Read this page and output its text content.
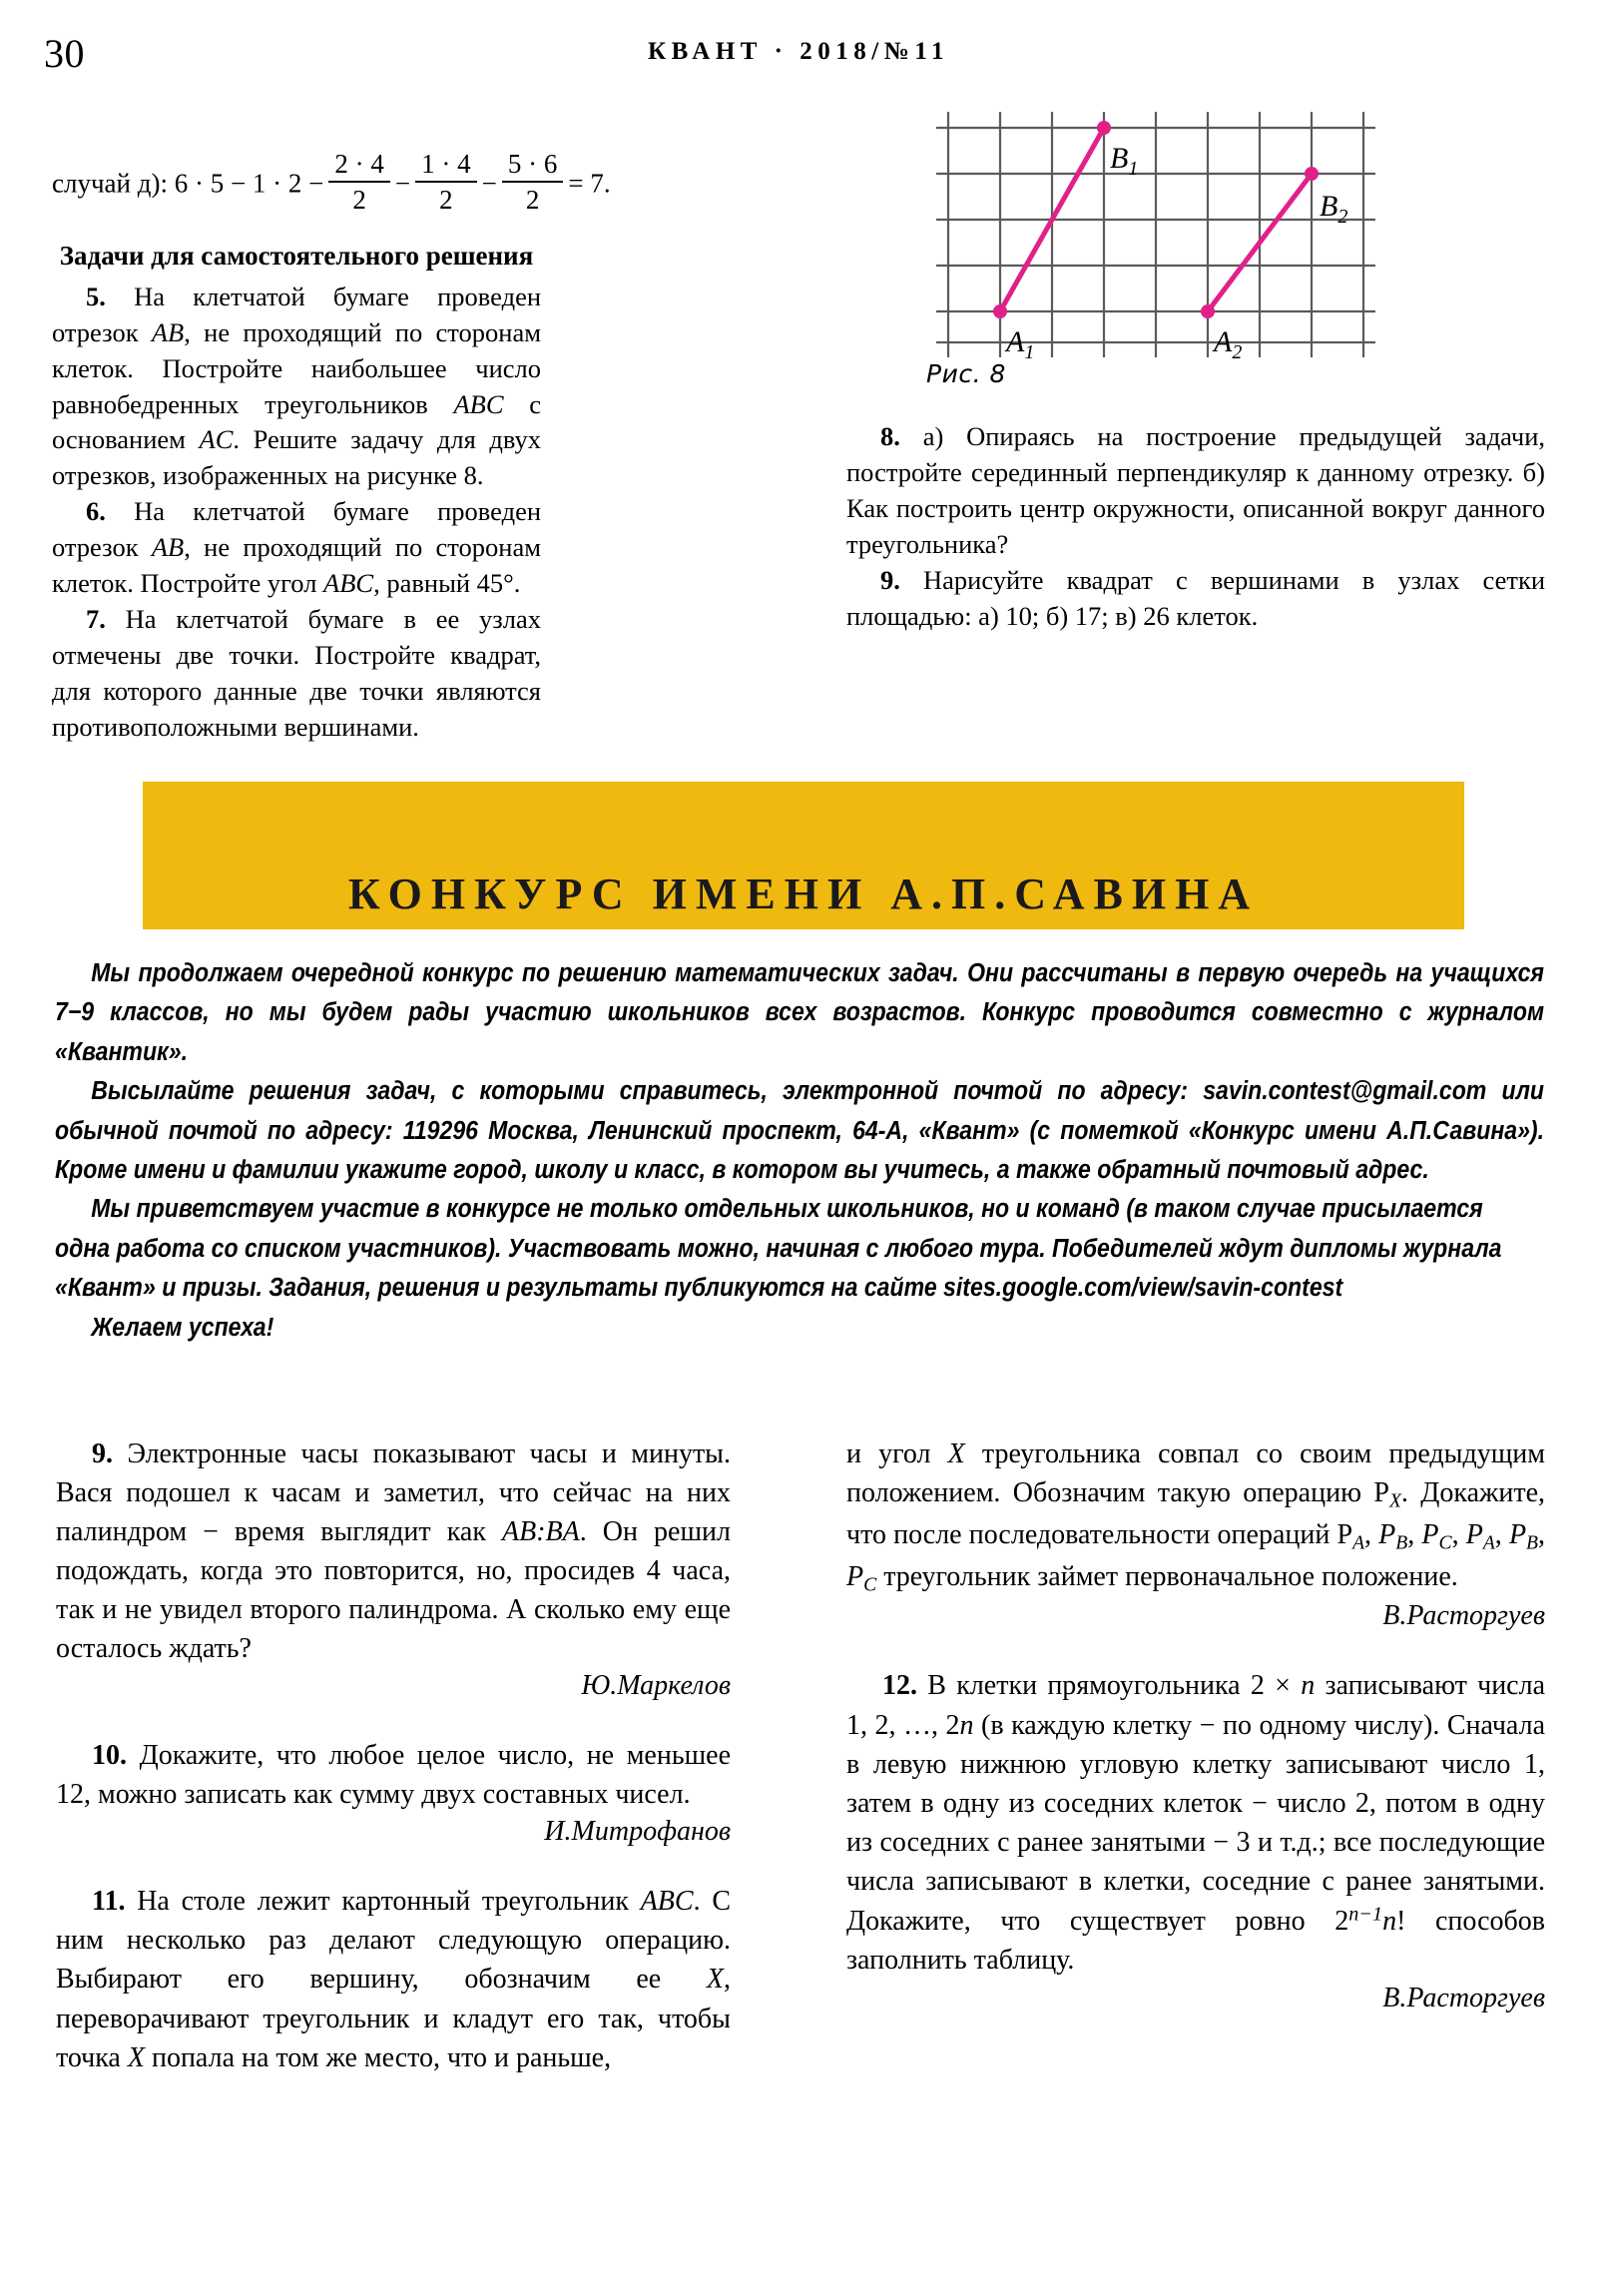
30	КВАНТ · 2018/№11
случай д): $6 \cdot 5 - 1 \cdot 2 - \frac{2 \cdot 4}{2} - \frac{1 \cdot 4}{2} - \frac{5 \cdot 6}{2} = 7$.
Задачи для самостоятельного решения

5. На клетчатой бумаге проведен отрезок AB, не проходящий по сторонам клеток. Постройте наибольшее число равнобедренных треугольников ABC с основанием AC. Решите задачу для двух отрезков, изображенных на рисунке 8.

6. На клетчатой бумаге проведен отрезок AB, не проходящий по сторонам клеток. Постройте угол ABC, равный 45°.

7. На клетчатой бумаге в ее узлах отмечены две точки. Постройте квадрат, для которого данные две точки являются противоположными вершинами.

$A_1$
$B_1$
$A_2$
$B_2$
Рис. 8

8. а) Опираясь на построение предыдущей задачи, постройте серединный перпендикуляр к данному отрезку. б) Как построить центр окружности, описанной вокруг данного треугольника?

9. Нарисуйте квадрат с вершинами в узлах сетки площадью: а) 10; б) 17; в) 26 клеток.

КОНКУРС ИМЕНИ А.П.САВИНА

Мы продолжаем очередной конкурс по решению математических задач. Они рассчитаны в первую очередь на учащихся 7−9 классов, но мы будем рады участию школьников всех возрастов. Конкурс проводится совместно с журналом «Квантик».

Высылайте решения задач, с которыми справитесь, электронной почтой по адресу: savin.contest@gmail.com или обычной почтой по адресу: 119296 Москва, Ленинский проспект, 64-А, «Квант» (с пометкой «Конкурс имени А.П.Савина»). Кроме имени и фамилии укажите город, школу и класс, в котором вы учитесь, а также обратный почтовый адрес.

Мы приветствуем участие в конкурсе не только отдельных школьников, но и команд (в таком случае присылается одна работа со списком участников). Участвовать можно, начиная с любого тура. Победителей ждут дипломы журнала «Квант» и призы. Задания, решения и результаты публикуются на сайте sites.google.com/view/savin-contest

Желаем успеха!

9. Электронные часы показывают часы и минуты. Вася подошел к часам и заметил, что сейчас на них палиндром − время выглядит как AB:BA. Он решил подождать, когда это повторится, но, просидев 4 часа, так и не увидел второго палиндрома. А сколько ему еще осталось ждать?

Ю.Маркелов

10. Докажите, что любое целое число, не меньшее 12, можно записать как сумму двух составных чисел.

И.Митрофанов

11. На столе лежит картонный треугольник ABC. С ним несколько раз делают следующую операцию. Выбирают его вершину, обозначим ее X, переворачивают треугольник и кладут его так, чтобы точка X попала на том же место, что и раньше,

и угол X треугольника совпал со своим предыдущим положением. Обозначим такую операцию $P_X$. Докажите, что после последовательности операций $P_A$, $P_B$, $P_C$, $P_A$, $P_B$, $P_C$ треугольник займет первоначальное положение.

В.Расторгуев

12. В клетки прямоугольника 2 × n записывают числа 1, 2, …, 2n (в каждую клетку − по одному числу). Сначала в левую нижнюю угловую клетку записывают число 1, затем в одну из соседних клеток − число 2, потом в одну из соседних с ранее занятыми − 3 и т.д.; все последующие числа записывают в клетки, соседние с ранее занятыми. Докажите, что существует ровно $2^{n-1}n$! способов заполнить таблицу.

В.Расторгуев
